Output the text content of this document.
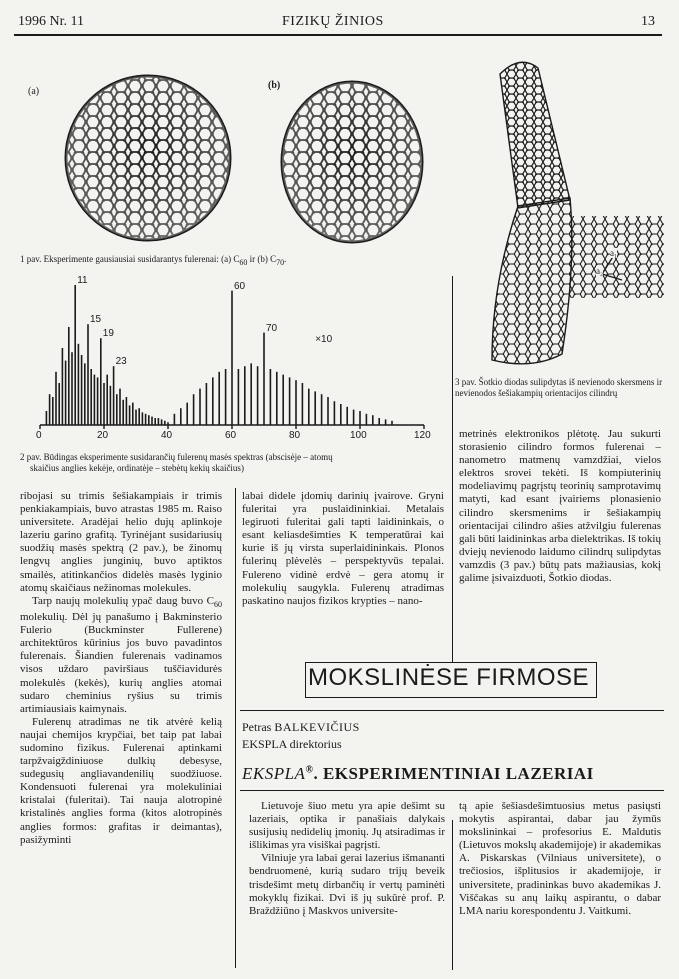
1996 Nr. 11	FIZIKŲ ŽINIOS	13
(a)
(b)
1 pav. Eksperimente gausiausiai susidarantys fulerenai: (a) $C_{60}$ ir (b) $C_{70}$.
a₁
a₂
3 pav. Šotkio diodas sulipdytas iš nevienodo skersmens ir nevienodos šešiakampių orientacijos cilindrų
0	20	40	60	80	100	120
11
15
19
23
60
70
×10
2 pav. Būdingas eksperimente susidarančių fulerenų masės spektras (abscisėje – atomų
skaičius anglies kekėje, ordinatėje – stebėtų kekių skaičius)

ribojasi su trimis šešiakampiais ir trimis penkiakampiais, buvo atrastas 1985 m. Raiso universitete. Aradėjai helio dujų aplinkoje lazeriu garino grafitą. Tyrinėjant susidariusių suodžių masės spektrą (2 pav.), be žinomų lengvų anglies junginių, buvo aptiktos smailės, atitinkančios didelės masės lyginio atomų skaičiaus nežinomas molekules.

Tarp naujų molekulių ypač daug buvo $C_{60}$ molekulių. Dėl jų panašumo į Bakminsterio Fulerio (Buckminster Fullerene) architektūros kūrinius jos buvo pavadintos fulerenais. Šiandien fulerenais vadinamos visos uždaro paviršiaus tuščiavidurės molekulės (kekės), kurių anglies atomai sudaro cheminius ryšius su trimis artimiausiais kaimynais.

Fulerenų atradimas ne tik atvėrė kelią naujai chemijos krypčiai, bet taip pat labai sudomino fizikus. Fulerenai aptinkami tarpžvaigždiniuose dulkių debesyse, sudegusių angliavandenilių suodžiuose. Kondensuoti fulerenai yra molekuliniai kristalai (fuleritai). Tai nauja alotropinė kristalinės anglies forma (kitos alotropinės anglies formos: grafitas ir deimantas), pasižyminti

labai didele įdomių darinių įvairove. Gryni fuleritai yra puslaidininkiai. Metalais legiruoti fuleritai gali tapti laidininkais, o esant keliasdešimties K temperatūrai kai kurie iš jų virsta superlaidininkais. Plonos fulerinų plėvelės – perspektyvūs tepalai. Fulereno vidinė erdvė – gera atomų ir molekulių saugykla. Fulerenų atradimas paskatino naujos fizikos krypties – nano-

metrinės elektronikos plėtotę. Jau sukurti storasienio cilindro formos fulerenai – nanometro matmenų vamzdžiai, vielos elektros srovei tekėti. Iš kompiuterinių modeliavimų pagrįstų teorinių samprotavimų matyti, kad esant įvairiems plonasienio cilindro skersmenims ir šešiakampių orientacijai cilindro ašies atžvilgiu fulerenas gali būti laidininkas arba dielektrikas. Iš tokių dviejų nevienodo laidumo cilindrų sulipdytas vamzdis (3 pav.) būtų pats mažiausias, kokį galime įsivaizduoti, Šotkio diodas.

MOKSLINĖSE FIRMOSE
Petras BALKEVIČIUS
EKSPLA direktorius
EKSPLA®. EKSPERIMENTINIAI LAZERIAI

Lietuvoje šiuo metu yra apie dešimt su lazeriais, optika ir panašiais dalykais susijusių nedidelių įmonių. Jų atsiradimas ir išlikimas yra visiškai pagrįsti.

Vilniuje yra labai gerai lazerius išmananti bendruomenė, kurią sudaro trijų beveik trisdešimt metų dirbančių ir vertų paminėti mokyklų fizikai. Dvi iš jų sukūrė prof. P. Braždžiūno į Maskvos universite-

tą apie šešiasdešimtuosius metus pasiųsti mokytis aspirantai, dabar jau žymūs mokslininkai – profesorius E. Maldutis (Lietuvos mokslų akademijoje) ir akademikas A. Piskarskas (Vilniaus universitete), o trečiosios, išplitusios ir akademijoje, ir universitete, pradininkas buvo akademikas J. Viščakas su anų laikų aspirantu, o dabar LMA nariu korespondentu J. Vaitkumi.
